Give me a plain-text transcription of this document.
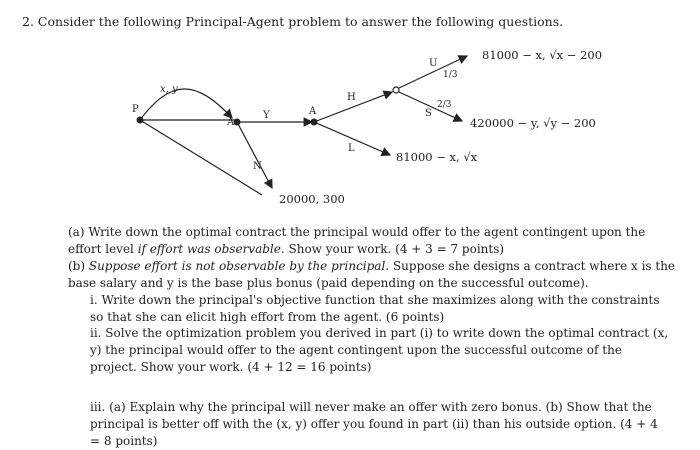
2. Consider the following Principal-Agent problem to answer the following questions.
x, y
P
A
Y	A
N
H
L
U
S
1/3
2/3
81000 − x, √x − 200
420000 − y, √y − 200
81000 − x, √x
20000, 300
(a) Write down the optimal contract the principal would offer to the agent contingent upon the effort level if effort was observable. Show your work. (4 + 3 = 7 points)
(b) Suppose effort is not observable by the principal. Suppose she designs a contract where x is the base salary and y is the base plus bonus (paid depending on the successful outcome).
i. Write down the principal's objective function that she maximizes along with the constraints so that she can elicit high effort from the agent. (6 points)
ii. Solve the optimization problem you derived in part (i) to write down the optimal contract (x, y) the principal would offer to the agent contingent upon the successful outcome of the project. Show your work. (4 + 12 = 16 points)
iii. (a) Explain why the principal will never make an offer with zero bonus. (b) Show that the principal is better off with the (x, y) offer you found in part (ii) than his outside option. (4 + 4 = 8 points)
